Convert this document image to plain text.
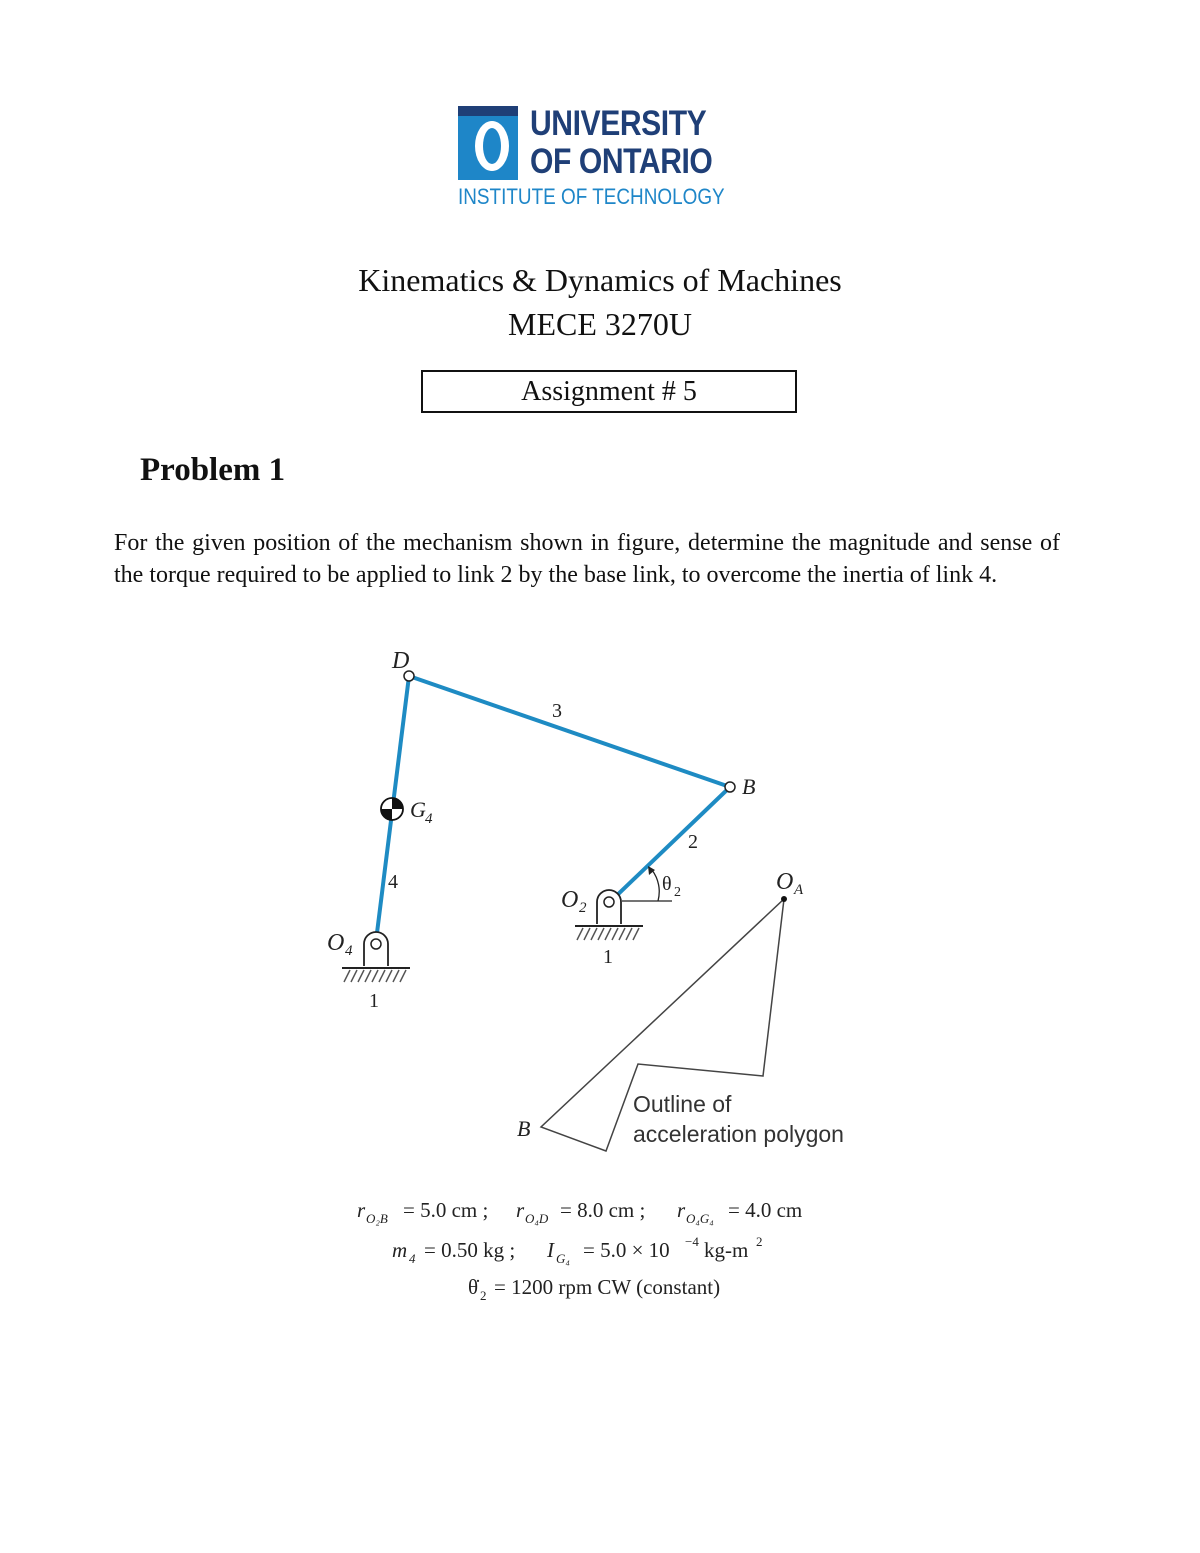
UNIVERSITY
OF ONTARIO
INSTITUTE OF TECHNOLOGY
Kinematics & Dynamics of Machines
MECE 3270U
Assignment # 5
Problem 1
For the given position of the mechanism shown in figure, determine the magnitude and sense of the torque required to be applied to link 2 by the base link, to overcome the inertia of link 4.
D
B
G
O
O
O
B
4
4
2
A
3
2
4
1
1
θ 2
Outline of
acceleration polygon
r O₂B = 5.0 cm ; r O₄D = 8.0 cm ; r O₄G₄ = 4.0 cm
m 4 = 0.50 kg ; I G₄ = 5.0 × 10 −4 kg-m 2
θ̇ 2 = 1200 rpm CW (constant)
